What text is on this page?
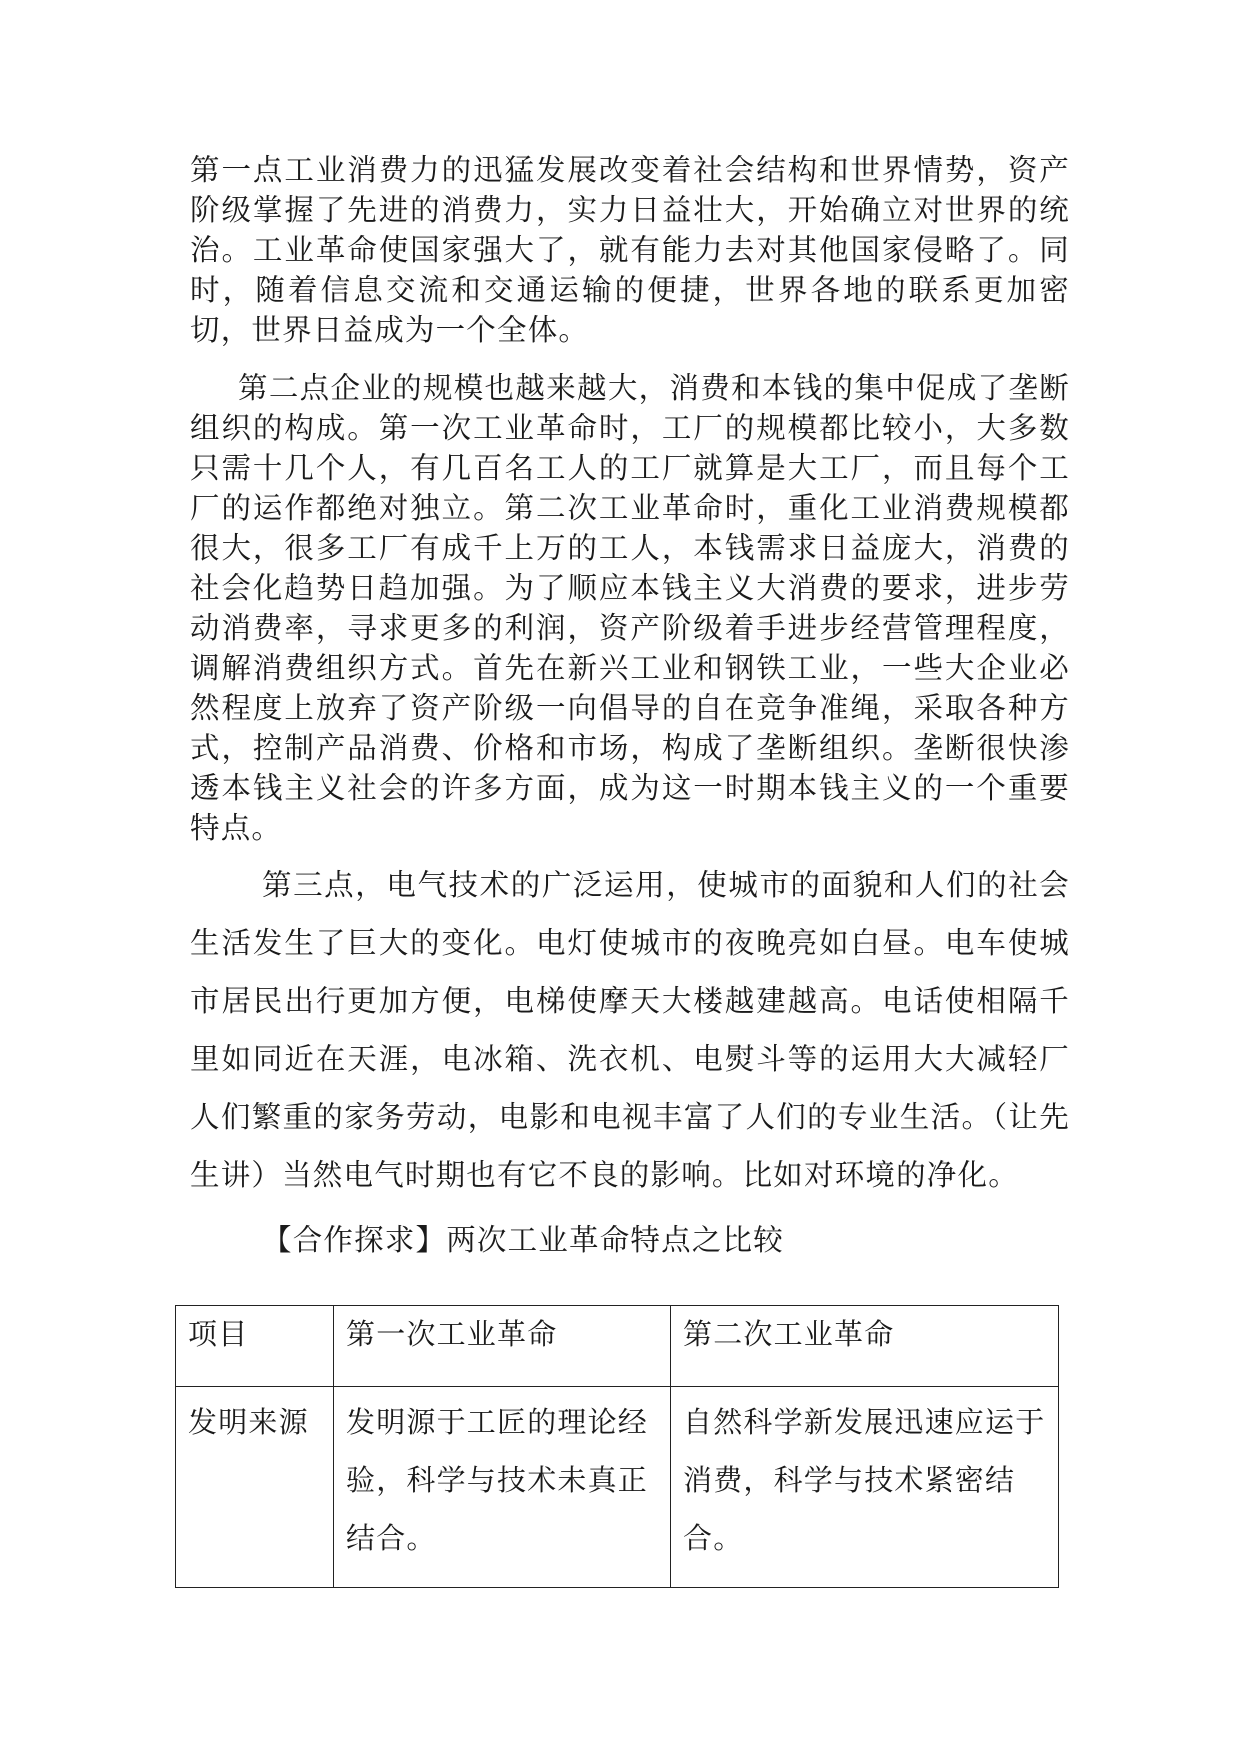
第一点工业消费力的迅猛发展改变着社会结构和世界情势，资产阶级掌握了先进的消费力，实力日益壮大，开始确立对世界的统治。工业革命使国家强大了，就有能力去对其他国家侵略了。同时，随着信息交流和交通运输的便捷，世界各地的联系更加密切，世界日益成为一个全体。

第二点企业的规模也越来越大，消费和本钱的集中促成了垄断组织的构成。第一次工业革命时，工厂的规模都比较小，大多数只需十几个人，有几百名工人的工厂就算是大工厂，而且每个工厂的运作都绝对独立。第二次工业革命时，重化工业消费规模都很大，很多工厂有成千上万的工人，本钱需求日益庞大，消费的社会化趋势日趋加强。为了顺应本钱主义大消费的要求，进步劳动消费率，寻求更多的利润，资产阶级着手进步经营管理程度，调解消费组织方式。首先在新兴工业和钢铁工业，一些大企业必然程度上放弃了资产阶级一向倡导的自在竞争准绳，采取各种方式，控制产品消费、价格和市场，构成了垄断组织。垄断很快渗透本钱主义社会的许多方面，成为这一时期本钱主义的一个重要特点。

第三点，电气技术的广泛运用，使城市的面貌和人们的社会生活发生了巨大的变化。电灯使城市的夜晚亮如白昼。电车使城市居民出行更加方便，电梯使摩天大楼越建越高。电话使相隔千里如同近在天涯，电冰箱、洗衣机、电熨斗等的运用大大减轻厂人们繁重的家务劳动，电影和电视丰富了人们的专业生活。（让先生讲）当然电气时期也有它不良的影响。比如对环境的净化。

【合作探求】两次工业革命特点之比较

项目	第一次工业革命	第二次工业革命
发明来源	发明源于工匠的理论经验，科学与技术未真正结合。	自然科学新发展迅速应运于消费，科学与技术紧密结合。
